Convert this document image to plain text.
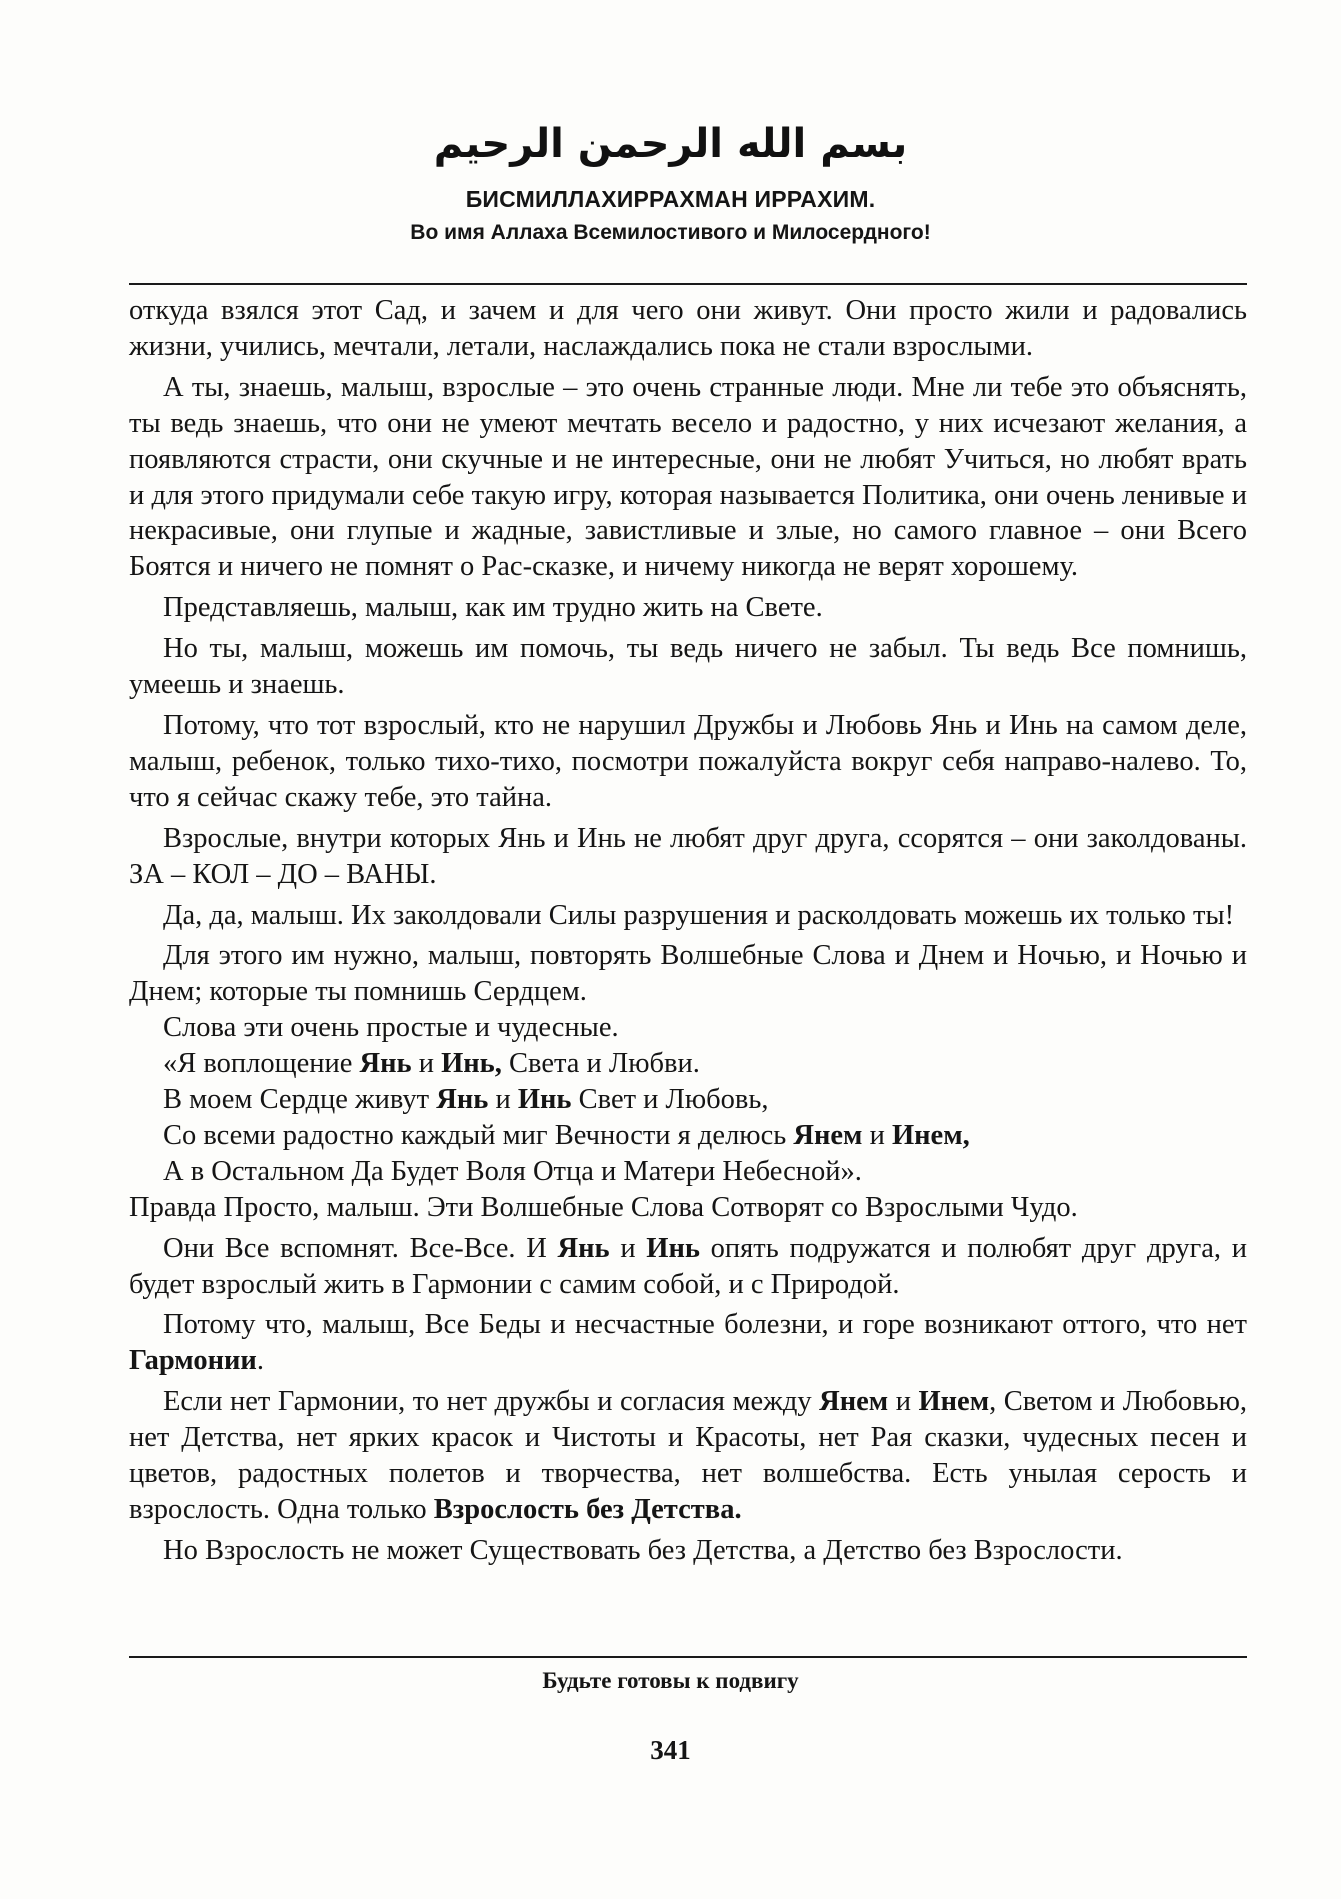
بسم الله الرحمن الرحيم
БИСМИЛЛАХИРРАХМАН ИРРАХИМ.
Во имя Аллаха Всемилостивого и Милосердного!

откуда взялся этот Сад, и зачем и для чего они живут. Они просто жили и радовались жизни, учились, мечтали, летали, наслаждались пока не стали взрослыми.

А ты, знаешь, малыш, взрослые – это очень странные люди. Мне ли тебе это объяснять, ты ведь знаешь, что они не умеют мечтать весело и радостно, у них исчезают желания, а появляются страсти, они скучные и не интересные, они не любят Учиться, но любят врать и для этого придумали себе такую игру, которая называется Политика, они очень ленивые и некрасивые, они глупые и жадные, завистливые и злые, но самого главное – они Всего Боятся и ничего не помнят о Рас-сказке, и ничему никогда не верят хорошему.

Представляешь, малыш, как им трудно жить на Свете.

Но ты, малыш, можешь им помочь, ты ведь ничего не забыл. Ты ведь Все помнишь, умеешь и знаешь.

Потому, что тот взрослый, кто не нарушил Дружбы и Любовь Янь и Инь на самом деле, малыш, ребенок, только тихо-тихо, посмотри пожалуйста вокруг себя направо-налево. То, что я сейчас скажу тебе, это тайна.

Взрослые, внутри которых Янь и Инь не любят друг друга, ссорятся – они заколдованы. ЗА – КОЛ – ДО – ВАНЫ.

Да, да, малыш. Их заколдовали Силы разрушения и расколдовать можешь их только ты!

Для этого им нужно, малыш, повторять Волшебные Слова и Днем и Ночью, и Ночью и Днем; которые ты помнишь Сердцем.

Слова эти очень простые и чудесные.

«Я воплощение Янь и Инь, Света и Любви.

В моем Сердце живут Янь и Инь Свет и Любовь,

Со всеми радостно каждый миг Вечности я делюсь Янем и Инем,

А в Остальном Да Будет Воля Отца и Матери Небесной».

Правда Просто, малыш. Эти Волшебные Слова Сотворят со Взрослыми Чудо.

Они Все вспомнят. Все-Все. И Янь и Инь опять подружатся и полюбят друг друга, и будет взрослый жить в Гармонии с самим собой, и с Природой.

Потому что, малыш, Все Беды и несчастные болезни, и горе возникают оттого, что нет Гармонии.

Если нет Гармонии, то нет дружбы и согласия между Янем и Инем, Светом и Любовью, нет Детства, нет ярких красок и Чистоты и Красоты, нет Рая сказки, чудесных песен и цветов, радостных полетов и творчества, нет волшебства. Есть унылая серость и взрослость. Одна только Взрослость без Детства.

Но Взрослость не может Существовать без Детства, а Детство без Взрослости.

Будьте готовы к подвигу
341
